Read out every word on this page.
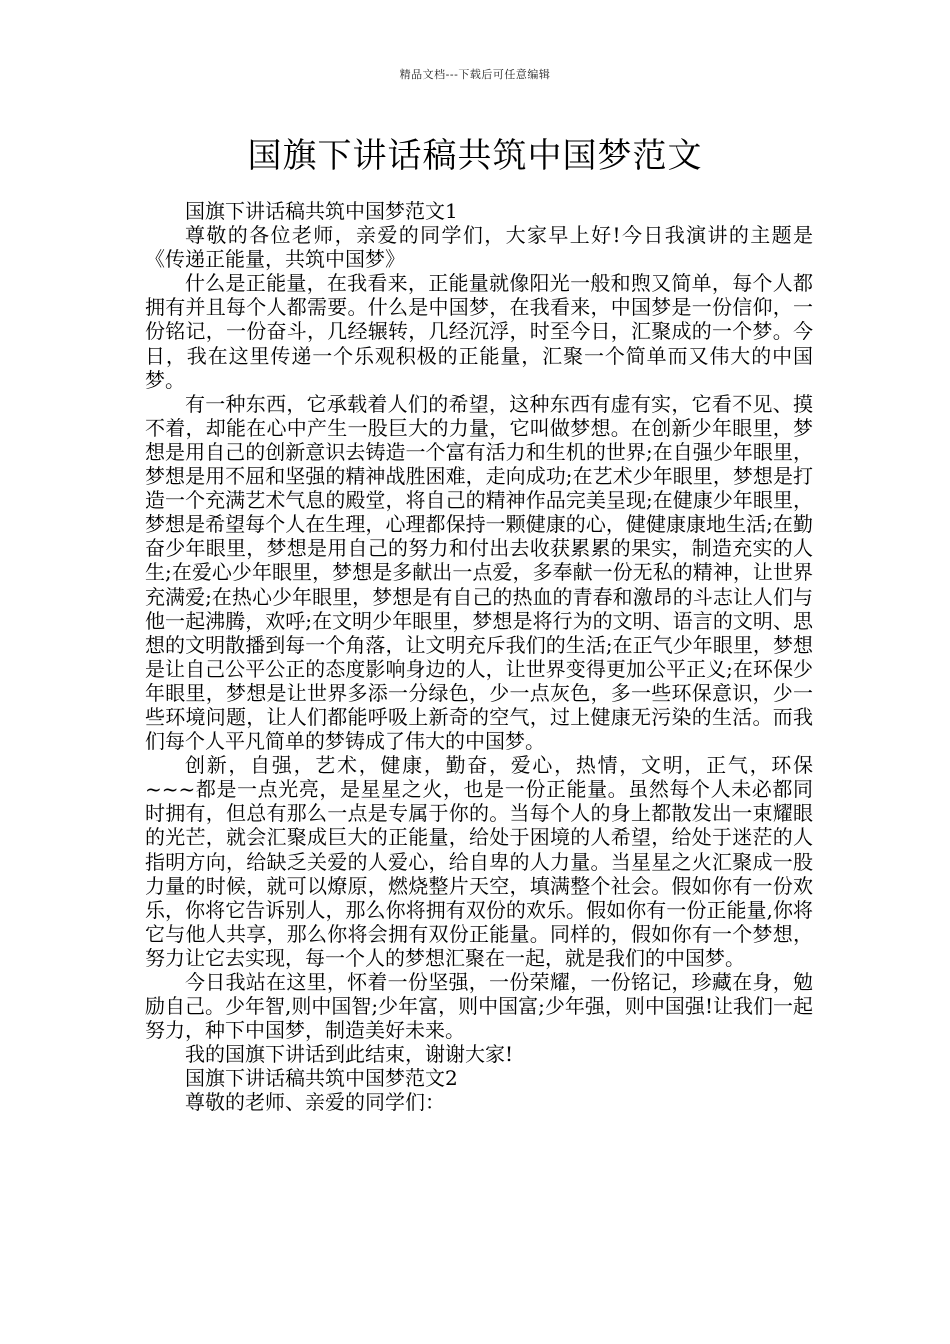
精品文档---下载后可任意编辑
国旗下讲话稿共筑中国梦范文

国旗下讲话稿共筑中国梦范文1

尊敬的各位老师，亲爱的同学们，大家早上好!今日我演讲的主题是《传递正能量，共筑中国梦》

什么是正能量，在我看来，正能量就像阳光一般和煦又简单，每个人都拥有并且每个人都需要。什么是中国梦，在我看来，中国梦是一份信仰，一份铭记，一份奋斗，几经辗转，几经沉浮，时至今日，汇聚成的一个梦。今日，我在这里传递一个乐观积极的正能量，汇聚一个简单而又伟大的中国梦。

有一种东西，它承载着人们的希望，这种东西有虚有实，它看不见、摸不着，却能在心中产生一股巨大的力量，它叫做梦想。在创新少年眼里，梦想是用自己的创新意识去铸造一个富有活力和生机的世界;在自强少年眼里，梦想是用不屈和坚强的精神战胜困难，走向成功;在艺术少年眼里，梦想是打造一个充满艺术气息的殿堂，将自己的精神作品完美呈现;在健康少年眼里，梦想是希望每个人在生理，心理都保持一颗健康的心，健健康康地生活;在勤奋少年眼里，梦想是用自己的努力和付出去收获累累的果实，制造充实的人生;在爱心少年眼里，梦想是多献出一点爱，多奉献一份无私的精神，让世界充满爱;在热心少年眼里，梦想是有自己的热血的青春和激昂的斗志让人们与他一起沸腾，欢呼;在文明少年眼里，梦想是将行为的文明、语言的文明、思想的文明散播到每一个角落，让文明充斥我们的生活;在正气少年眼里，梦想是让自己公平公正的态度影响身边的人，让世界变得更加公平正义;在环保少年眼里，梦想是让世界多添一分绿色，少一点灰色，多一些环保意识，少一些环境问题，让人们都能呼吸上新奇的空气，过上健康无污染的生活。而我们每个人平凡简单的梦铸成了伟大的中国梦。

创新，自强，艺术，健康，勤奋，爱心，热情，文明，正气，环保~~~都是一点光亮，是星星之火，也是一份正能量。虽然每个人未必都同时拥有，但总有那么一点是专属于你的。当每个人的身上都散发出一束耀眼的光芒，就会汇聚成巨大的正能量，给处于困境的人希望，给处于迷茫的人指明方向，给缺乏关爱的人爱心，给自卑的人力量。当星星之火汇聚成一股力量的时候，就可以燎原，燃烧整片天空，填满整个社会。假如你有一份欢乐，你将它告诉别人，那么你将拥有双份的欢乐。假如你有一份正能量,你将它与他人共享，那么你将会拥有双份正能量。同样的，假如你有一个梦想，努力让它去实现，每一个人的梦想汇聚在一起，就是我们的中国梦。

今日我站在这里，怀着一份坚强，一份荣耀，一份铭记，珍藏在身，勉励自己。少年智,则中国智;少年富，则中国富;少年强，则中国强!让我们一起努力，种下中国梦，制造美好未来。

我的国旗下讲话到此结束，谢谢大家!

国旗下讲话稿共筑中国梦范文2

尊敬的老师、亲爱的同学们：
